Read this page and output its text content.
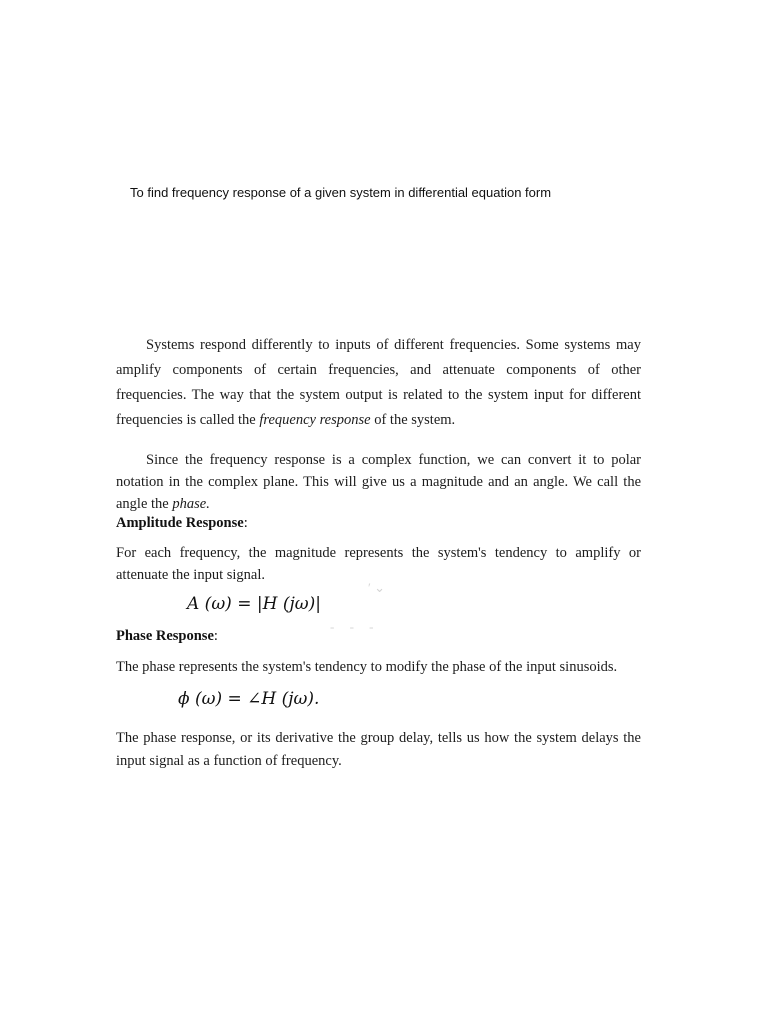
To find frequency response of a given system in differential equation form

Systems respond differently to inputs of different frequencies. Some systems may amplify components of certain frequencies, and attenuate components of other frequencies. The way that the system output is related to the system input for different frequencies is called the frequency response of the system.

Since the frequency response is a complex function, we can convert it to polar notation in the complex plane. This will give us a magnitude and an angle. We call the angle the phase.

Amplitude Response:

For each frequency, the magnitude represents the system's tendency to amplify or attenuate the input signal.

′ ⌄
A (ω) = |H (jω)|
‐ ‐ ‐
Phase Response:

The phase represents the system's tendency to modify the phase of the input sinusoids.

ϕ (ω) = ∠H (jω).

The phase response, or its derivative the group delay, tells us how the system delays the input signal as a function of frequency.
